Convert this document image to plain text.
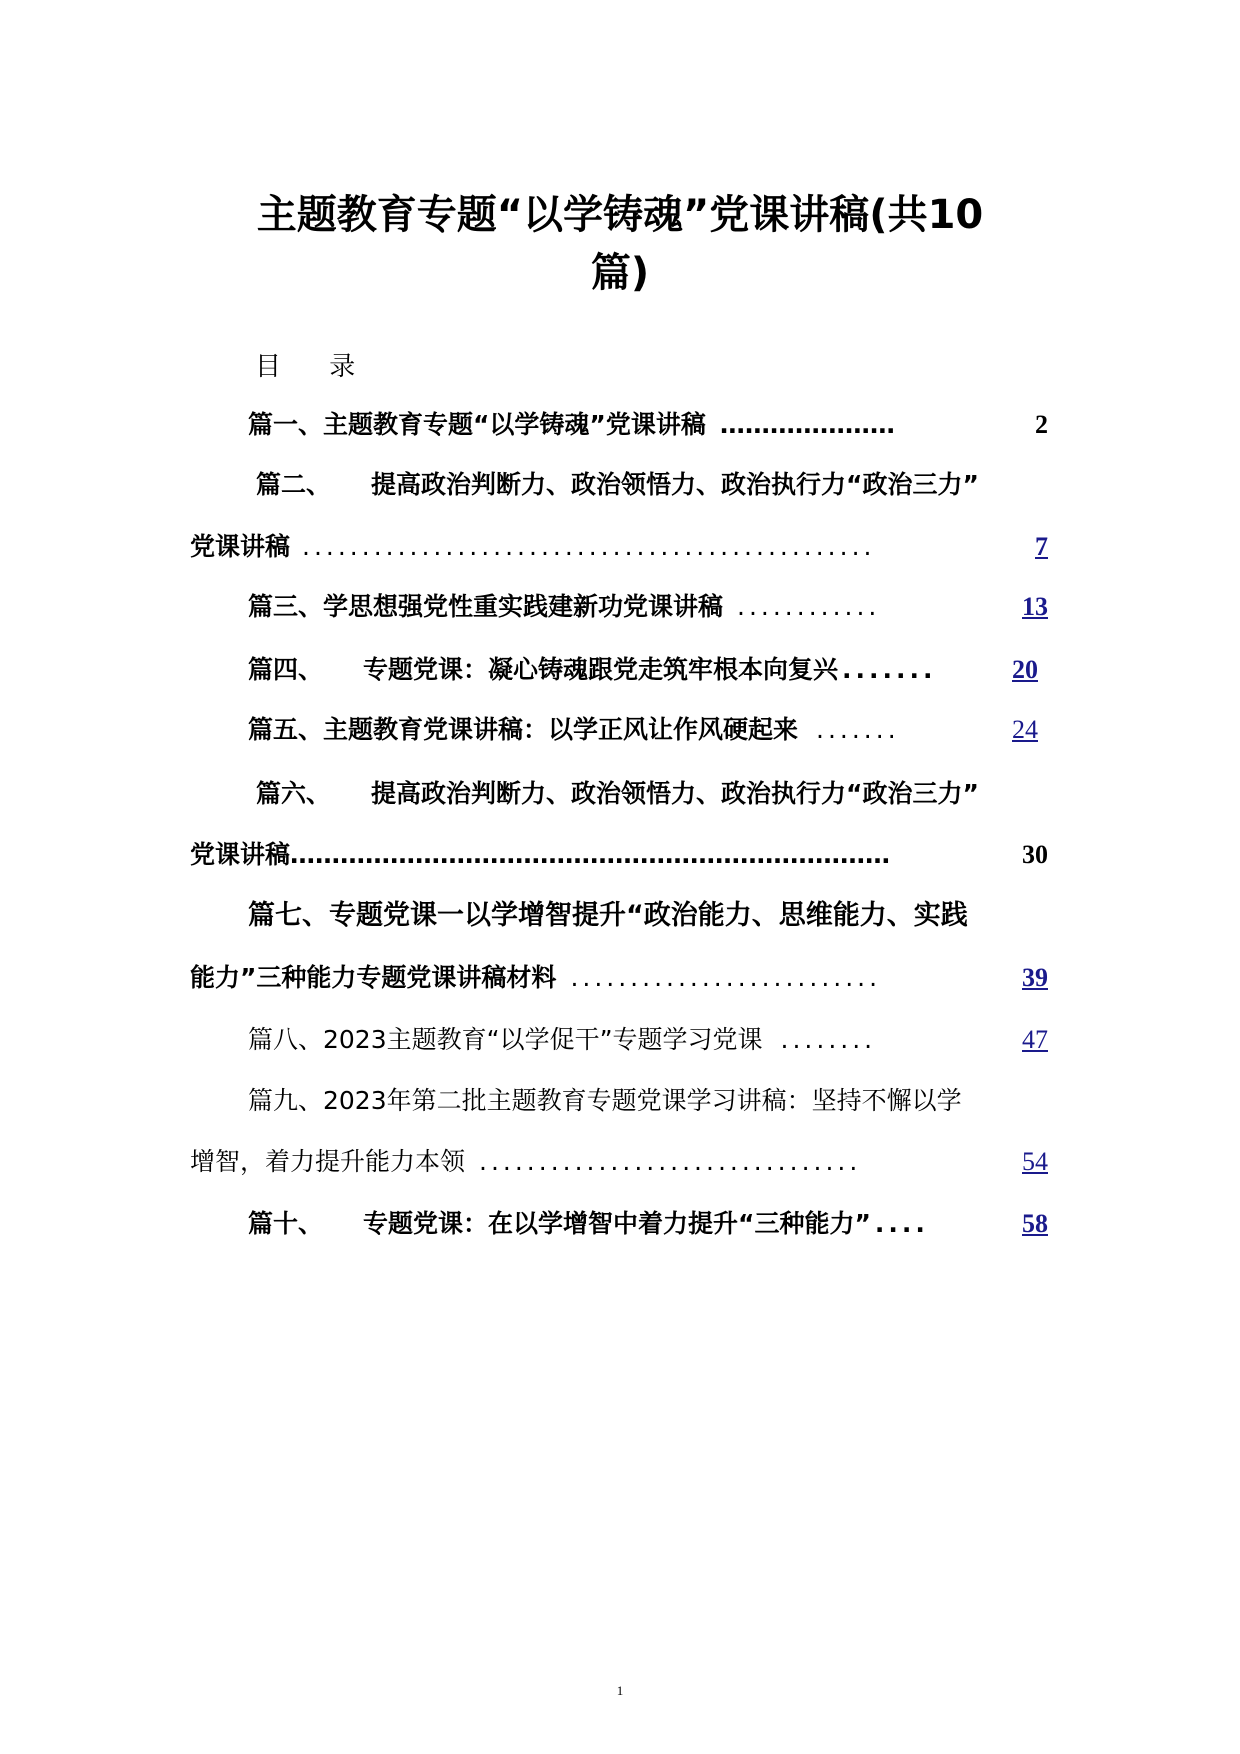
主题教育专题“以学铸魂”党课讲稿(共10
篇)
目 录
篇一、主题教育专题“以学铸魂”党课讲稿 …………………	2
篇二、 提高政治判断力、政治领悟力、政治执行力“政治三力”
党课讲稿 ................................................	7
篇三、学思想强党性重实践建新功党课讲稿 ............	13
篇四、 专题党课：凝心铸魂跟党走筑牢根本向复兴 .......	20
篇五、主题教育党课讲稿：以学正风让作风硬起来 .......	24
篇六、 提高政治判断力、政治领悟力、政治执行力“政治三力”
党课讲稿 ………………………………………………………………	30
篇七、专题党课一以学增智提升“政治能力、思维能力、实践
能力”三种能力专题党课讲稿材料 ..........................	39
篇八、2023主题教育“以学促干”专题学习党课 ........	47
篇九、2023年第二批主题教育专题党课学习讲稿：坚持不懈以学
增智，着力提升能力本领 ................................	54
篇十、 专题党课：在以学增智中着力提升“三种能力” ....	58
1
